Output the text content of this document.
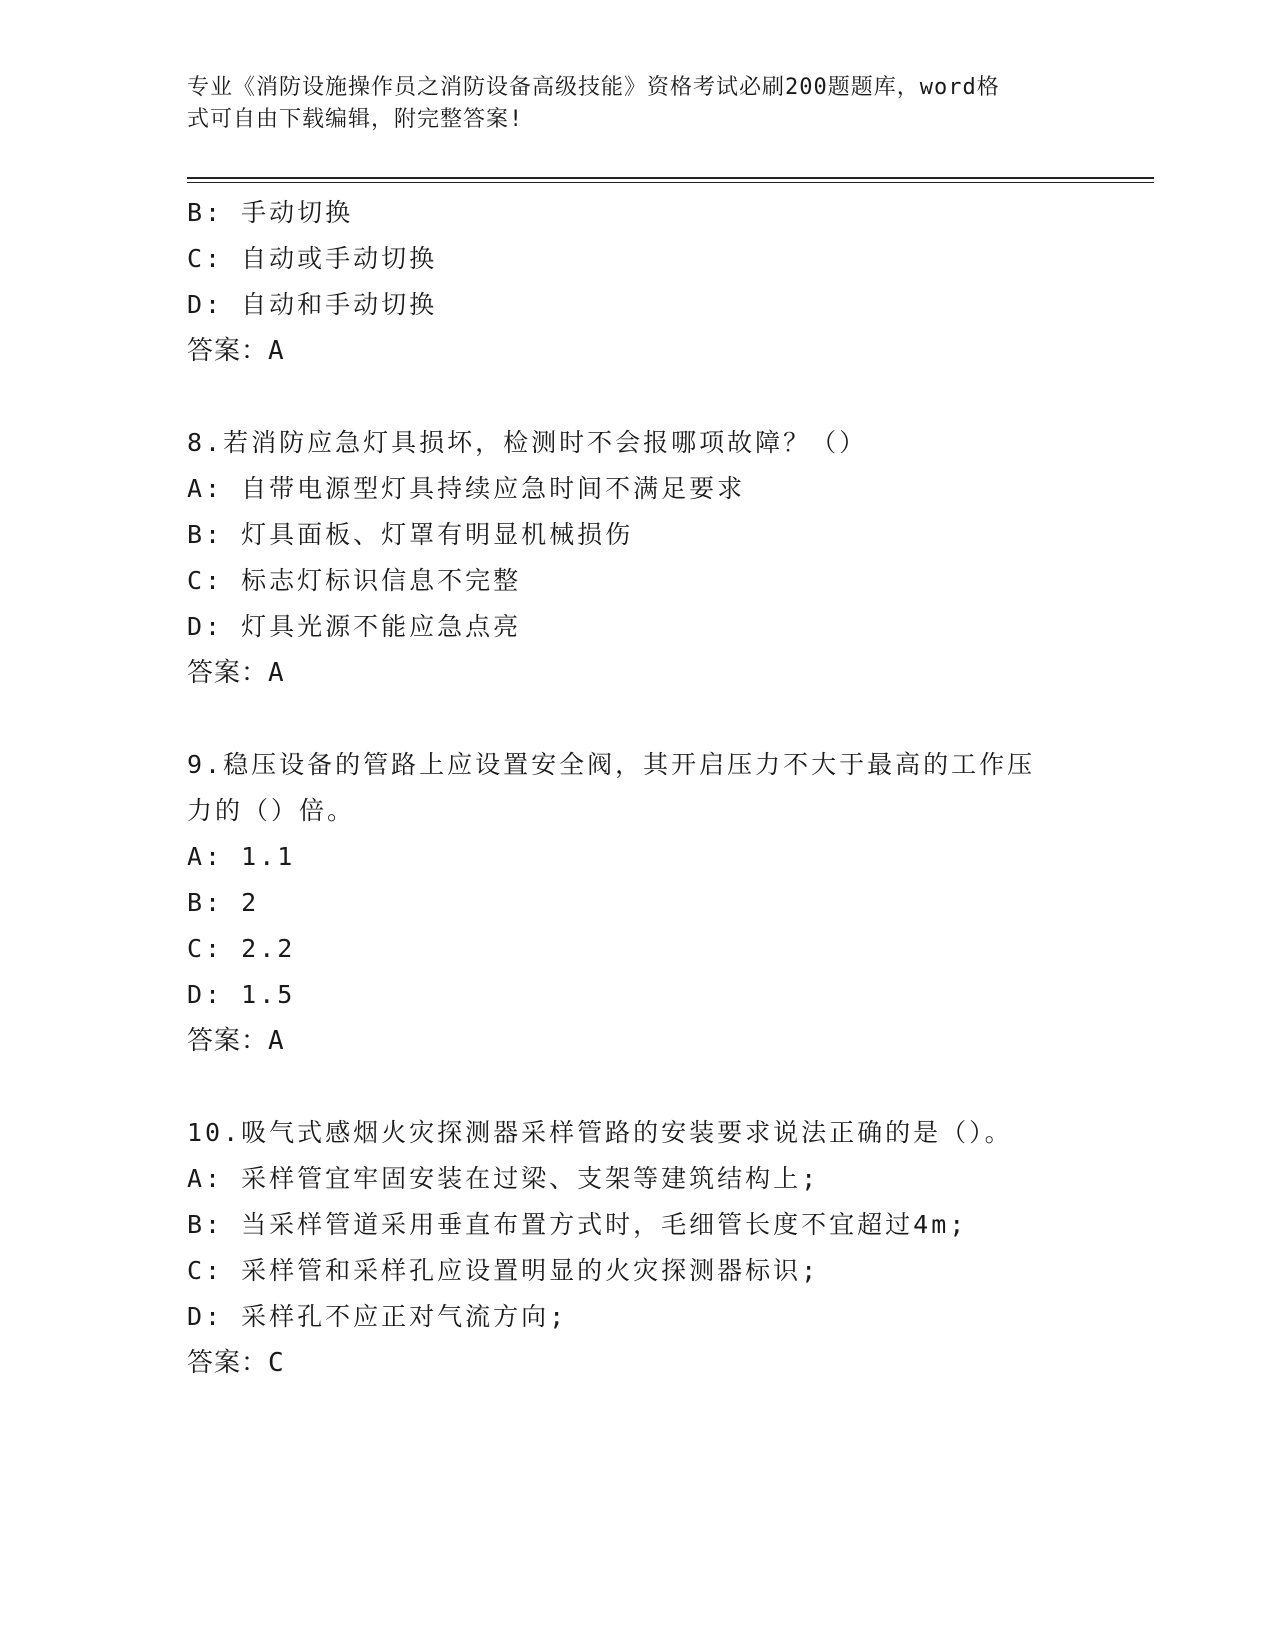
专业《消防设施操作员之消防设备高级技能》资格考试必刷200题题库，word格
式可自由下载编辑，附完整答案!
B: 手动切换
C: 自动或手动切换
D: 自动和手动切换
答案：A
8.若消防应急灯具损坏，检测时不会报哪项故障？（）
A: 自带电源型灯具持续应急时间不满足要求
B: 灯具面板、灯罩有明显机械损伤
C: 标志灯标识信息不完整
D: 灯具光源不能应急点亮
答案：A
9.稳压设备的管路上应设置安全阀，其开启压力不大于最高的工作压
力的（）倍。
A: 1.1
B: 2
C: 2.2
D: 1.5
答案：A
10.吸气式感烟火灾探测器采样管路的安装要求说法正确的是（）。
A: 采样管宜牢固安装在过梁、支架等建筑结构上;
B: 当采样管道采用垂直布置方式时，毛细管长度不宜超过4m;
C: 采样管和采样孔应设置明显的火灾探测器标识;
D: 采样孔不应正对气流方向;
答案：C
